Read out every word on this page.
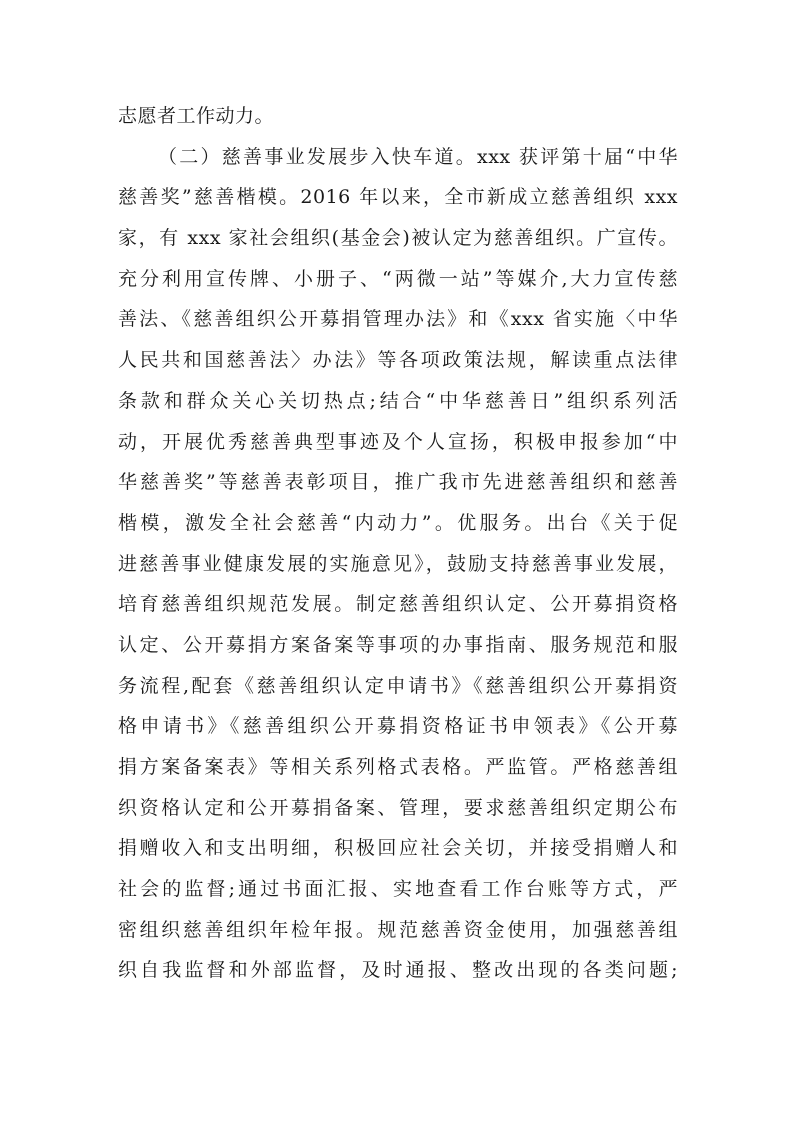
志愿者工作动力。
（二）慈善事业发展步入快车道。xxx 获评第十届“中华
慈善奖”慈善楷模。2016 年以来，全市新成立慈善组织 xxx
家，有 xxx 家社会组织(基金会)被认定为慈善组织。广宣传。
充分利用宣传牌、小册子、“两微一站”等媒介,大力宣传慈
善法、《慈善组织公开募捐管理办法》和《xxx 省实施〈中华
人民共和国慈善法〉办法》等各项政策法规，解读重点法律
条款和群众关心关切热点;结合“中华慈善日”组织系列活
动，开展优秀慈善典型事迹及个人宣扬，积极申报参加“中
华慈善奖”等慈善表彰项目，推广我市先进慈善组织和慈善
楷模，激发全社会慈善“内动力”。优服务。出台《关于促
进慈善事业健康发展的实施意见》，鼓励支持慈善事业发展，
培育慈善组织规范发展。制定慈善组织认定、公开募捐资格
认定、公开募捐方案备案等事项的办事指南、服务规范和服
务流程,配套《慈善组织认定申请书》《慈善组织公开募捐资
格申请书》《慈善组织公开募捐资格证书申领表》《公开募
捐方案备案表》等相关系列格式表格。严监管。严格慈善组
织资格认定和公开募捐备案、管理，要求慈善组织定期公布
捐赠收入和支出明细，积极回应社会关切，并接受捐赠人和
社会的监督;通过书面汇报、实地查看工作台账等方式，严
密组织慈善组织年检年报。规范慈善资金使用，加强慈善组
织自我监督和外部监督，及时通报、整改出现的各类问题;
